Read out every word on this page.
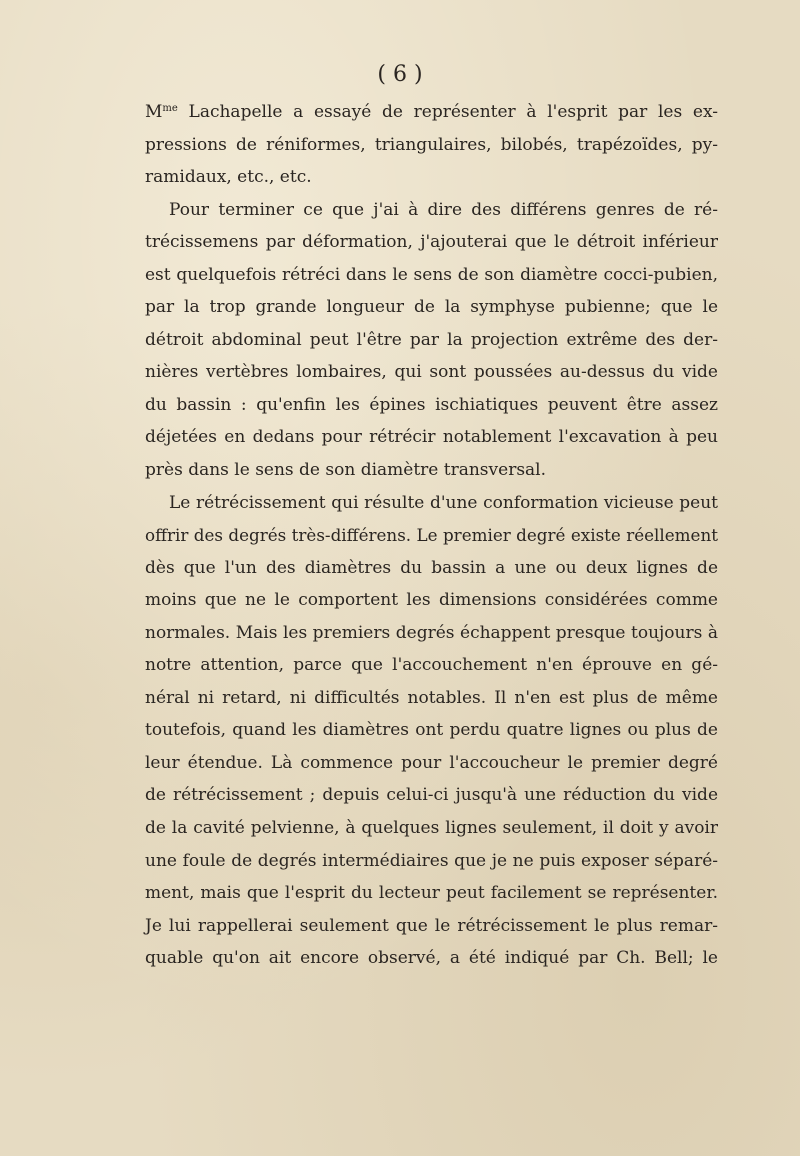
( 6 )
$M^{me}$ Lachapelle a essayé de représenter à l'esprit par les ex-
pressions de réniformes, triangulaires, bilobés, trapézoïdes, py-
ramidaux, etc., etc.
Pour terminer ce que j'ai à dire des différens genres de ré-
trécissemens par déformation, j'ajouterai que le détroit inférieur
est quelquefois rétréci dans le sens de son diamètre cocci-pubien,
par la trop grande longueur de la symphyse pubienne; que le
détroit abdominal peut l'être par la projection extrême des der-
nières vertèbres lombaires, qui sont poussées au-dessus du vide
du bassin : qu'enfin les épines ischiatiques peuvent être assez
déjetées en dedans pour rétrécir notablement l'excavation à peu
près dans le sens de son diamètre transversal.
Le rétrécissement qui résulte d'une conformation vicieuse peut
offrir des degrés très-différens. Le premier degré existe réellement
dès que l'un des diamètres du bassin a une ou deux lignes de
moins que ne le comportent les dimensions considérées comme
normales. Mais les premiers degrés échappent presque toujours à
notre attention, parce que l'accouchement n'en éprouve en gé-
néral ni retard, ni difficultés notables. Il n'en est plus de même
toutefois, quand les diamètres ont perdu quatre lignes ou plus de
leur étendue. Là commence pour l'accoucheur le premier degré
de rétrécissement ; depuis celui-ci jusqu'à une réduction du vide
de la cavité pelvienne, à quelques lignes seulement, il doit y avoir
une foule de degrés intermédiaires que je ne puis exposer séparé-
ment, mais que l'esprit du lecteur peut facilement se représenter.
Je lui rappellerai seulement que le rétrécissement le plus remar-
quable qu'on ait encore observé, a été indiqué par Ch. Bell; le
